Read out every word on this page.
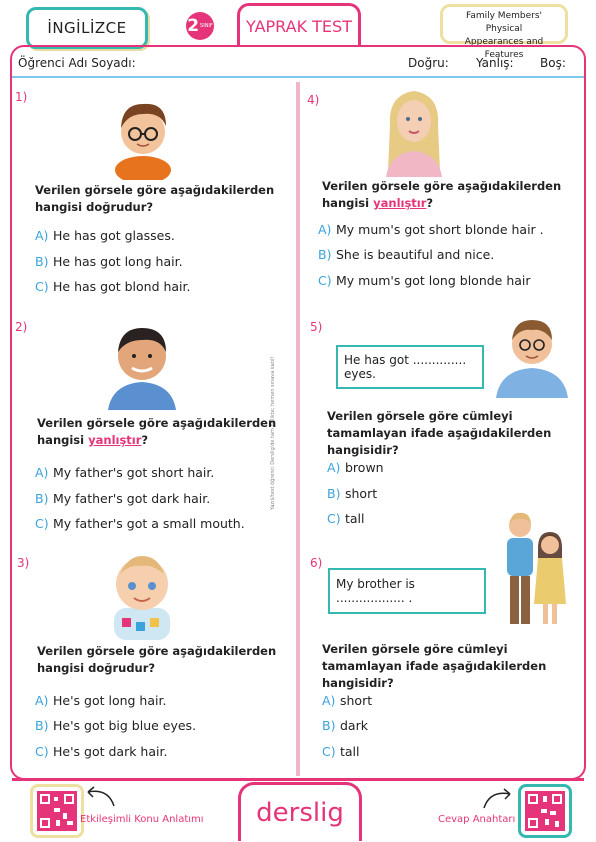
İNGİLİZCE	2 SINIF	YAPRAK TEST
Family Members' Physical
Appearances and Features
Öğrenci Adı Soyadı:	Doğru: Yanlış: Boş:
Yazılı/test öğrenci Derslig'de tam birlikte; hemen sınava katıl!
1)
Verilen görsele göre aşağıdakilerden hangisi doğrudur?
A) He has got glasses.
B) He has got long hair.
C) He has got blond hair.
2)
Verilen görsele göre aşağıdakilerden hangisi yanlıştır?
A) My father's got short hair.
B) My father's got dark hair.
C) My father's got a small mouth.
3)
Verilen görsele göre aşağıdakilerden hangisi doğrudur?
A) He's got long hair.
B) He's got big blue eyes.
C) He's got dark hair.
4)
Verilen görsele göre aşağıdakilerden hangisi yanlıştır?
A) My mum's got short blonde hair .
B) She is beautiful and nice.
C) My mum's got long blonde hair
5)
He has got .............. eyes.
Verilen görsele göre cümleyi tamamlayan ifade aşağıdakilerden hangisidir?
A) brown
B) short
C) tall
6)
My brother is .................. .
Verilen görsele göre cümleyi tamamlayan ifade aşağıdakilerden hangisidir?
A) short
B) dark
C) tall
Etkileşimli Konu Anlatımı	derslig	Cevap Anahtarı
